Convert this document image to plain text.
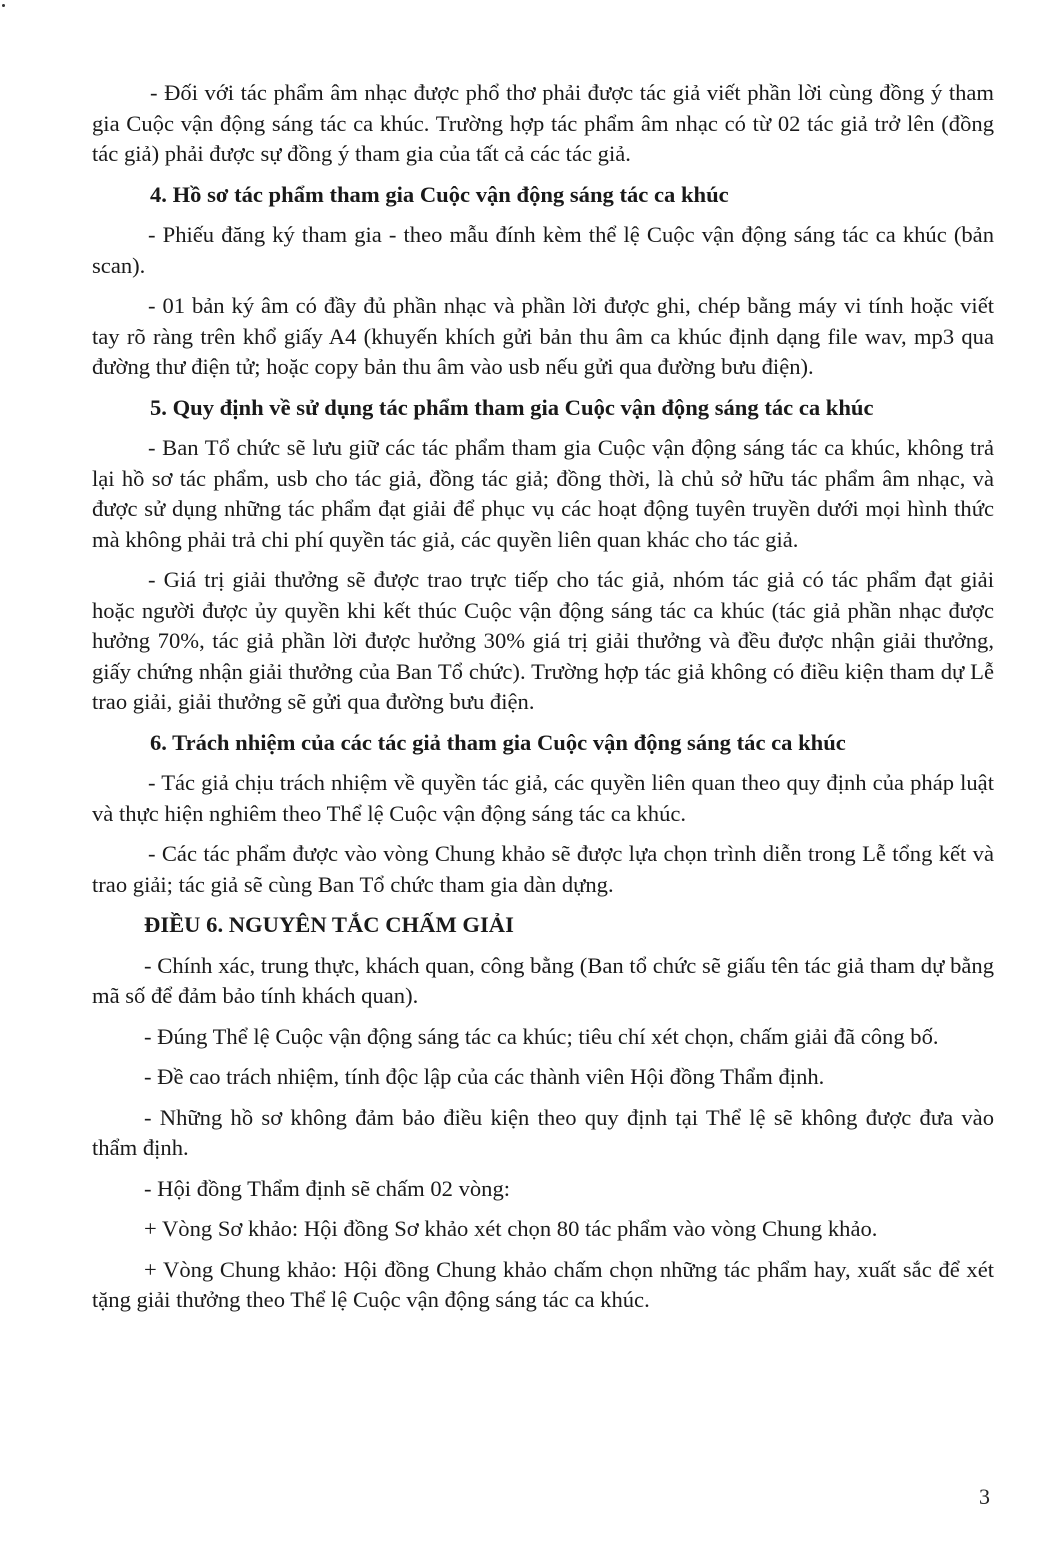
- Đối với tác phẩm âm nhạc được phổ thơ phải được tác giả viết phần lời cùng đồng ý tham gia Cuộc vận động sáng tác ca khúc. Trường hợp tác phẩm âm nhạc có từ 02 tác giả trở lên (đồng tác giả) phải được sự đồng ý tham gia của tất cả các tác giả.

4. Hồ sơ tác phẩm tham gia Cuộc vận động sáng tác ca khúc

- Phiếu đăng ký tham gia - theo mẫu đính kèm thể lệ Cuộc vận động sáng tác ca khúc (bản scan).

- 01 bản ký âm có đầy đủ phần nhạc và phần lời được ghi, chép bằng máy vi tính hoặc viết tay rõ ràng trên khổ giấy A4 (khuyến khích gửi bản thu âm ca khúc định dạng file wav, mp3 qua đường thư điện tử; hoặc copy bản thu âm vào usb nếu gửi qua đường bưu điện).

5. Quy định về sử dụng tác phẩm tham gia Cuộc vận động sáng tác ca khúc

- Ban Tổ chức sẽ lưu giữ các tác phẩm tham gia Cuộc vận động sáng tác ca khúc, không trả lại hồ sơ tác phẩm, usb cho tác giả, đồng tác giả; đồng thời, là chủ sở hữu tác phẩm âm nhạc, và được sử dụng những tác phẩm đạt giải để phục vụ các hoạt động tuyên truyền dưới mọi hình thức mà không phải trả chi phí quyền tác giả, các quyền liên quan khác cho tác giả.

- Giá trị giải thưởng sẽ được trao trực tiếp cho tác giả, nhóm tác giả có tác phẩm đạt giải hoặc người được ủy quyền khi kết thúc Cuộc vận động sáng tác ca khúc (tác giả phần nhạc được hưởng 70%, tác giả phần lời được hưởng 30% giá trị giải thưởng và đều được nhận giải thưởng, giấy chứng nhận giải thưởng của Ban Tổ chức). Trường hợp tác giả không có điều kiện tham dự Lễ trao giải, giải thưởng sẽ gửi qua đường bưu điện.

6. Trách nhiệm của các tác giả tham gia Cuộc vận động sáng tác ca khúc

- Tác giả chịu trách nhiệm về quyền tác giả, các quyền liên quan theo quy định của pháp luật và thực hiện nghiêm theo Thể lệ Cuộc vận động sáng tác ca khúc.

- Các tác phẩm được vào vòng Chung khảo sẽ được lựa chọn trình diễn trong Lễ tổng kết và trao giải; tác giả sẽ cùng Ban Tổ chức tham gia dàn dựng.

ĐIỀU 6. NGUYÊN TẮC CHẤM GIẢI

- Chính xác, trung thực, khách quan, công bằng (Ban tổ chức sẽ giấu tên tác giả tham dự bằng mã số để đảm bảo tính khách quan).

- Đúng Thể lệ Cuộc vận động sáng tác ca khúc; tiêu chí xét chọn, chấm giải đã công bố.

- Đề cao trách nhiệm, tính độc lập của các thành viên Hội đồng Thẩm định.

- Những hồ sơ không đảm bảo điều kiện theo quy định tại Thể lệ sẽ không được đưa vào thẩm định.

- Hội đồng Thẩm định sẽ chấm 02 vòng:

+ Vòng Sơ khảo: Hội đồng Sơ khảo xét chọn 80 tác phẩm vào vòng Chung khảo.

+ Vòng Chung khảo: Hội đồng Chung khảo chấm chọn những tác phẩm hay, xuất sắc để xét tặng giải thưởng theo Thể lệ Cuộc vận động sáng tác ca khúc.

3
